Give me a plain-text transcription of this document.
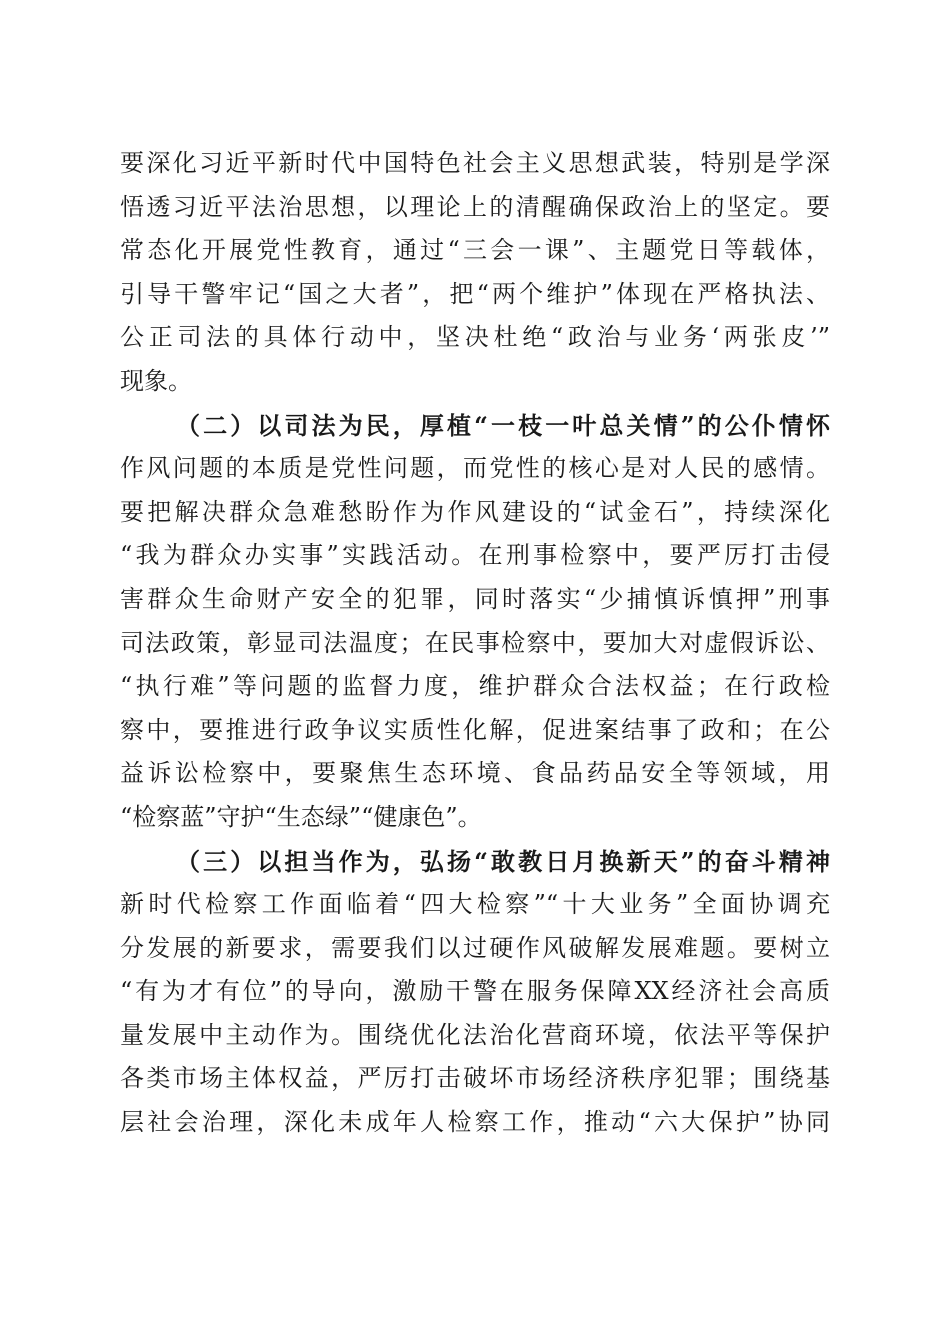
要深化习近平新时代中国特色社会主义思想武装，特别是学深
悟透习近平法治思想，以理论上的清醒确保政治上的坚定。要
常态化开展党性教育，通过“三会一课”、主题党日等载体，
引导干警牢记“国之大者”，把“两个维护”体现在严格执法、
公正司法的具体行动中，坚决杜绝“政治与业务‘两张皮’”
现象。
（二）以司法为民，厚植“一枝一叶总关情”的公仆情怀
作风问题的本质是党性问题，而党性的核心是对人民的感情。
要把解决群众急难愁盼作为作风建设的“试金石”，持续深化
“我为群众办实事”实践活动。在刑事检察中，要严厉打击侵
害群众生命财产安全的犯罪，同时落实“少捕慎诉慎押”刑事
司法政策，彰显司法温度；在民事检察中，要加大对虚假诉讼、
“执行难”等问题的监督力度，维护群众合法权益；在行政检
察中，要推进行政争议实质性化解，促进案结事了政和；在公
益诉讼检察中，要聚焦生态环境、食品药品安全等领域，用
“检察蓝”守护“生态绿”“健康色”。
（三）以担当作为，弘扬“敢教日月换新天”的奋斗精神
新时代检察工作面临着“四大检察”“十大业务”全面协调充
分发展的新要求，需要我们以过硬作风破解发展难题。要树立
“有为才有位”的导向，激励干警在服务保障XX经济社会高质
量发展中主动作为。围绕优化法治化营商环境，依法平等保护
各类市场主体权益，严厉打击破坏市场经济秩序犯罪；围绕基
层社会治理，深化未成年人检察工作，推动“六大保护”协同
